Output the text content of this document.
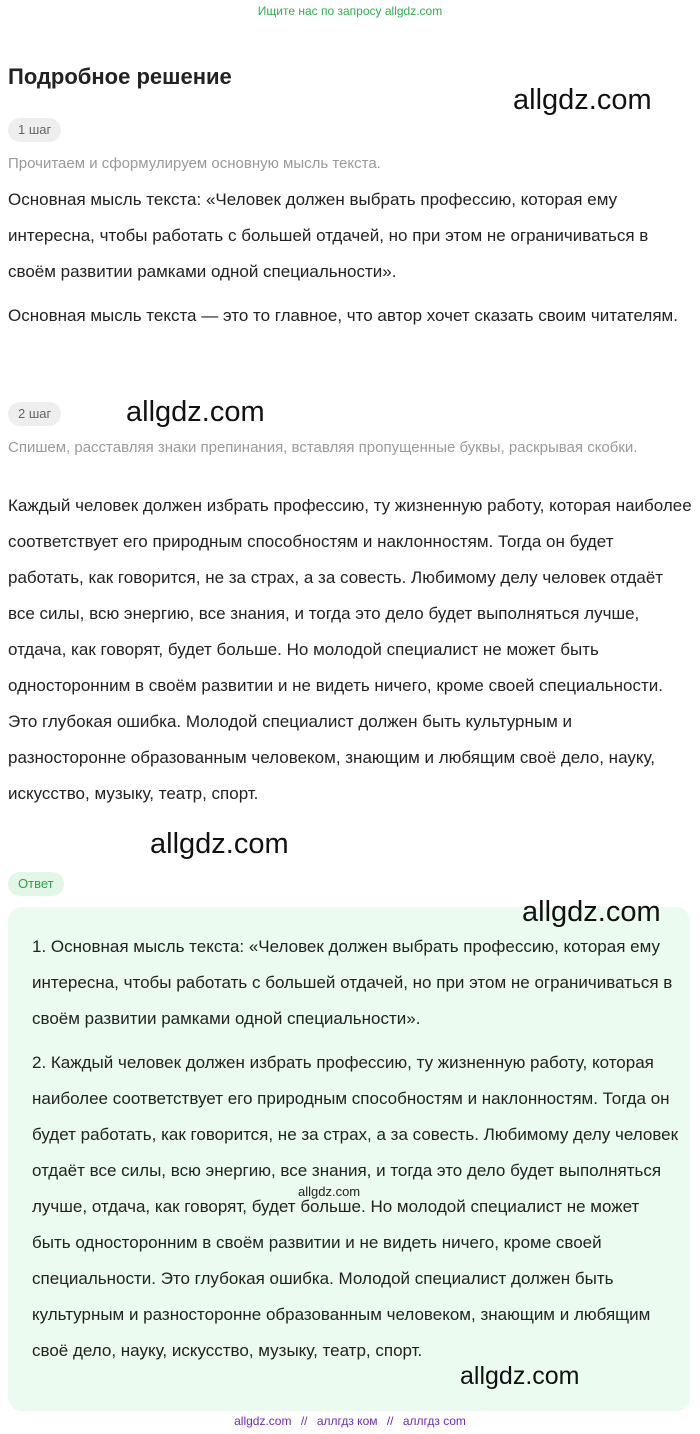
Ищите нас по запросу allgdz.com
Подробное решение
allgdz.com
1 шаг

Прочитаем и сформулируем основную мысль текста.

Основная мысль текста: «Человек должен выбрать профессию, которая ему интересна, чтобы работать с большей отдачей, но при этом не ограничиваться в своём развитии рамками одной специальности».

Основная мысль текста — это то главное, что автор хочет сказать своим читателям.

2 шаг	allgdz.com

Спишем, расставляя знаки препинания, вставляя пропущенные буквы, раскрывая скобки.

Каждый человек должен избрать профессию, ту жизненную работу, которая наиболее соответствует его природным способностям и наклонностям. Тогда он будет работать, как говорится, не за страх, а за совесть. Любимому делу человек отдаёт все силы, всю энергию, все знания, и тогда это дело будет выполняться лучше, отдача, как говорят, будет больше. Но молодой специалист не может быть односторонним в своём развитии и не видеть ничего, кроме своей специальности. Это глубокая ошибка. Молодой специалист должен быть культурным и разносторонне образованным человеком, знающим и любящим своё дело, науку, искусство, музыку, театр, спорт.

allgdz.com
Ответ

1. Основная мысль текста: «Человек должен выбрать профессию, которая ему интересна, чтобы работать с большей отдачей, но при этом не ограничиваться в своём развитии рамками одной специальности».

2. Каждый человек должен избрать профессию, ту жизненную работу, которая наиболее соответствует его природным способностям и наклонностям. Тогда он будет работать, как говорится, не за страх, а за совесть. Любимому делу человек отдаёт все силы, всю энергию, все знания, и тогда это дело будет выполняться лучше, отдача, как говорят, будет больше. Но молодой специалист не может быть односторонним в своём развитии и не видеть ничего, кроме своей специальности. Это глубокая ошибка. Молодой специалист должен быть культурным и разносторонне образованным человеком, знающим и любящим своё дело, науку, искусство, музыку, театр, спорт.

allgdz.com
allgdz.com
allgdz.com
allgdz.com // аллгдз ком // аллгдз com
